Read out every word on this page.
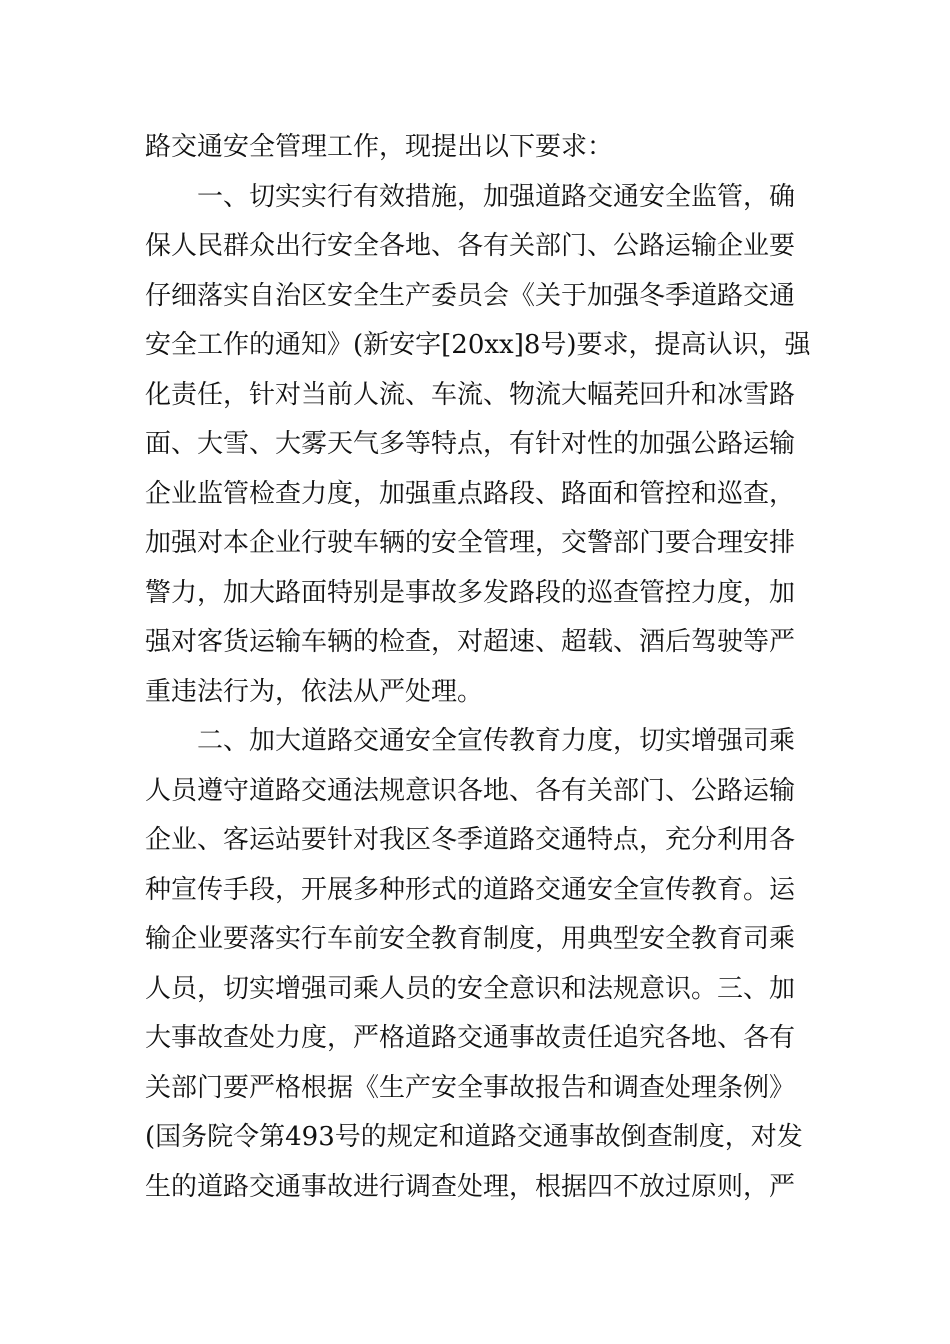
路交通安全管理工作，现提出以下要求：
　　一、切实实行有效措施，加强道路交通安全监管，确
保人民群众出行安全各地、各有关部门、公路运输企业要
仔细落实自治区安全生产委员会《关于加强冬季道路交通
安全工作的通知》(新安字[20xx]8号)要求，提高认识，强
化责任，针对当前人流、车流、物流大幅茺回升和冰雪路
面、大雪、大雾天气多等特点，有针对性的加强公路运输
企业监管检查力度，加强重点路段、路面和管控和巡查，
加强对本企业行驶车辆的安全管理，交警部门要合理安排
警力，加大路面特别是事故多发路段的巡查管控力度，加
强对客货运输车辆的检查，对超速、超载、酒后驾驶等严
重违法行为，依法从严处理。
　　二、加大道路交通安全宣传教育力度，切实增强司乘
人员遵守道路交通法规意识各地、各有关部门、公路运输
企业、客运站要针对我区冬季道路交通特点，充分利用各
种宣传手段，开展多种形式的道路交通安全宣传教育。运
输企业要落实行车前安全教育制度，用典型安全教育司乘
人员，切实增强司乘人员的安全意识和法规意识。三、加
大事故查处力度，严格道路交通事故责任追究各地、各有
关部门要严格根据《生产安全事故报告和调查处理条例》
(国务院令第493号的规定和道路交通事故倒查制度，对发
生的道路交通事故进行调查处理，根据四不放过原则，严
